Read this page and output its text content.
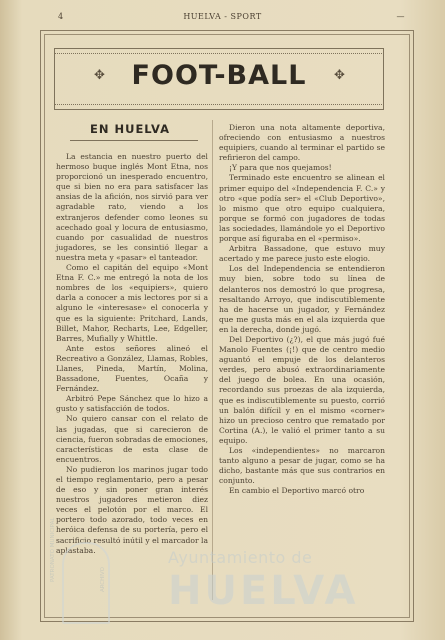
4	HUELVA - SPORT	—
✥ FOOT-BALL	✥
EN HUELVA

La estancia en nuestro puerto del hermoso buque inglés Mont Etna, nos proporcionó un inesperado encuentro, que si bien no era para satisfacer las ansias de la afición, nos sirvió para ver agradable rato, viendo a los extranjeros defender como leones su acechado goal y locura de entusiasmo, cuando por casualidad de nuestros jugadores, se les consintió llegar a nuestra meta y «pasar» el tanteador.

Como el capitán del equipo «Mont Etna F. C.» me entregó la nota de los nombres de los «equipiers», quiero darla a conocer a mis lectores por si a alguno le «interesase» el conocerla y que es la siguiente: Pritchard, Lands, Billet, Mahor, Recharts, Lee, Edgeller, Barres, Mufially y Whittle.

Ante estos señores alineó el Recreativo a González, Llamas, Robles, Llanes, Pineda, Martín, Molina, Bassadone, Fuentes, Ocaña y Fernández.

Arbitró Pepe Sánchez que lo hizo a gusto y satisfacción de todos.

No quiero cansar con el relato de las jugadas, que si carecieron de ciencia, fueron sobradas de emociones, características de esta clase de encuentros.

No pudieron los marinos jugar todo el tiempo reglamentario, pero a pesar de eso y sin poner gran interés nuestros jugadores metieron diez veces el pelotón por el marco. El portero todo azorado, todo veces en heróica defensa de su portería, pero el sacrificio resultó inútil y el marcador la aplastaba.

Dieron una nota altamente deportiva, ofreciendo con entusiasmo a nuestros equipiers, cuando al terminar el partido se refirieron del campo.

¡Y para que nos quejamos!

Terminado este encuentro se alinean el primer equipo del «Independencia F. C.» y otro «que podía ser» el «Club Deportivo», lo mismo que otro equipo cualquiera, porque se formó con jugadores de todas las sociedades, llamándole yo el Deportivo porque así figuraba en el «permiso».

Arbitra Bassadone, que estuvo muy acertado y me parece justo este elogio.

Los del Independencia se entendieron muy bien, sobre todo su línea de delanteros nos demostró lo que progresa, resaltando Arroyo, que indiscutiblemente ha de hacerse un jugador, y Fernández que me gusta más en el ala izquierda que en la derecha, donde jugó.

Del Deportivo (¿?), el que más jugó fué Manolo Fuentes (¡!) que de centro medio aguantó el empuje de los delanteros verdes, pero abusó extraordinariamente del juego de bolea. En una ocasión, recordando sus proezas de ala izquierda, que es indiscutiblemente su puesto, corrió un balón difícil y en el mismo «corner» hizo un precioso centro que rematado por Cortina (A.), le valió el primer tanto a su equipo.

Los «independientes» no marcaron tanto alguno a pesar de jugar, como se ha dicho, bastante más que sus contrarios en conjunto.

En cambio el Deportivo marcó otro

PATRONATO MUNICIPAL	ARCHIVO
Ayuntamiento de
HUELVA
